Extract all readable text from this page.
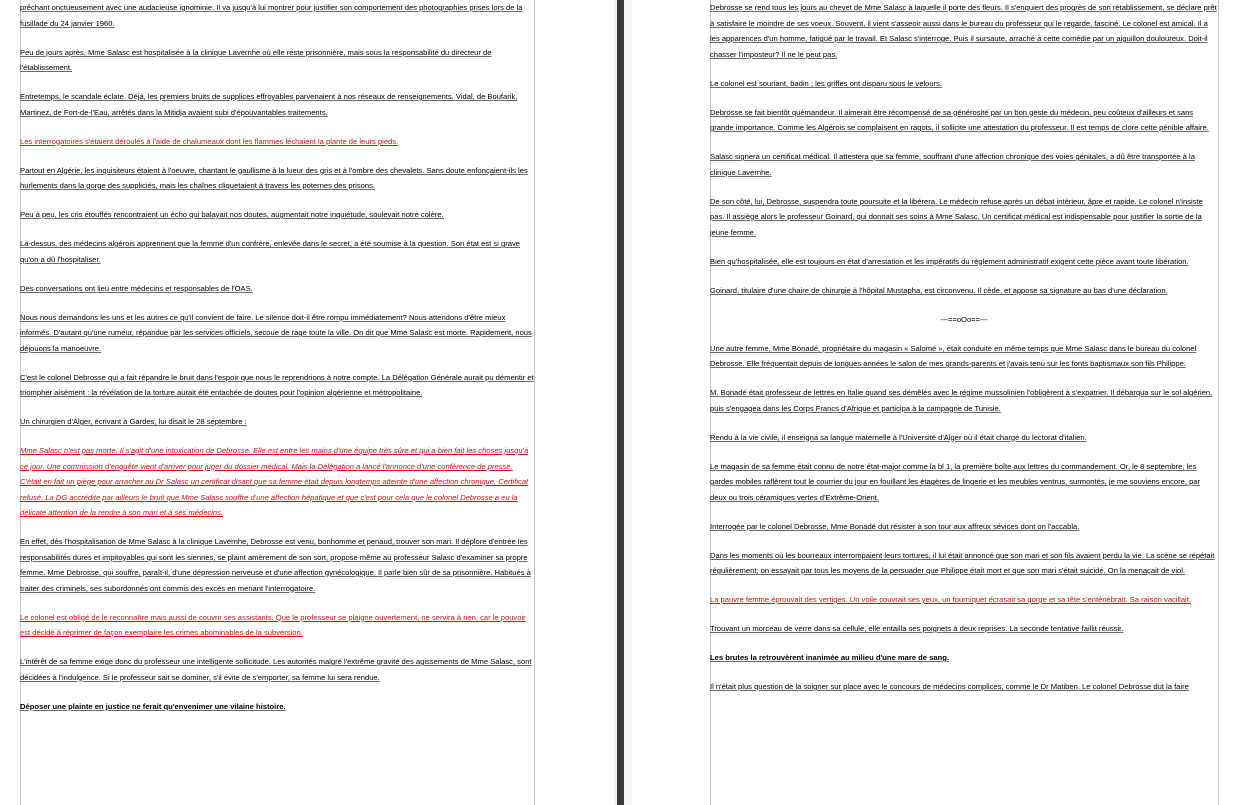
prêchant onctueusement avec une audacieuse ignominie. Il va jusqu'à lui montrer pour justifier son comportement des photographies prises lors de la fusillade du 24 janvier 1960.

Peu de jours après, Mme Salasc est hospitalisée à la clinique Lavernhe où elle reste prisonnière, mais sous la responsabilité du directeur de l'établissement.

Entretemps, le scandale éclate. Déjà, les premiers bruits de supplices effroyables parvenaient à nos réseaux de renseignements. Vidal, de Boufarik, Martinez, de Fort-de-l'Eau, arrêtés dans la Mitidja avaient subi d'épouvantables traitements.

Les interrogatoires s'étaient déroulés à l'aide de chalumeaux dont les flammes léchaient la plante de leurs pieds.

Partout en Algérie, les inquisiteurs étaient à l'oeuvre, chantant le gaullisme à la lueur des gris et à l'ombre des chevalets. Sans doute enfonçaient-ils les hurlements dans la gorge des suppliciés, mais les chaînes cliquetaient à travers les poternes des prisons.

Peu à peu, les cris étouffés rencontraient un écho qui balayait nos doutes, augmentait notre inquiétude, soulevait notre colère.

Là-dessus, des médecins algérois apprennent que la femme d'un confrère, enlevée dans le secret, a été soumise à la question. Son état est si grave qu'on a dû l'hospitaliser.

Des conversations ont lieu entre médecins et responsables de l'OAS.

Nous nous demandons les uns et les autres ce qu'il convient de faire. Le silence doit-il être rompu immédiatement? Nous attendons d'être mieux informés. D'autant qu'une rumeur, répandue par les services officiels, secoue de rage toute la ville. On dit que Mme Salasc est morte. Rapidement, nous déjouons la manoeuvre.

C'est le colonel Debrosse qui a fait répandre le bruit dans l'espoir que nous le reprendrions à notre compte. La Délégation Générale aurait pu démentir et triompher aisément : la révélation de la torture aurait été entachée de doutes pour l'opinion algérienne et métropolitaine.

Un chirurgien d'Alger, écrivant à Gardes, lui disait le 28 septembre :

Mme Salasc n'est pas morte. Il s'agit d'une intoxication de Debrosse. Elle est entre les mains d'une équipe très sûre et qui a bien fait les choses jusqu'à ce jour. Une commission d'enquête vient d'arriver pour juger du dossier médical. Mais la Délégation a lancé l'annonce d'une conférence de presse. C'était en fait un piège pour arracher au Dr Salasc un certificat disant que sa femme était depuis longtemps atteinte d'une affection chronique. Certificat refusé. La DG accrédite par ailleurs le bruit que Mme Salasc souffre d'une affection hépatique et que c'est pour cela que le colonel Debrosse a eu la délicate attention de la rendre à son mari et à ses médecins.

En effet, dès l'hospitalisation de Mme Salasc à la clinique Lavernhe, Debrosse est venu, bonhomme et penaud, trouver son mari. Il déplore d'entrée les responsabilités dures et impitoyables qui sont les siennes, se plaint amèrement de son sort, propose même au professeur Salasc d'examiner sa propre femme. Mme Debrosse, qui souffre, paraît-il, d'une dépression nerveuse et d'une affection gynécologique. Il parle bien sûr de sa prisonnière. Habitués à traiter des criminels, ses subordonnés ont commis des excès en menant l'interrogatoire.

Le colonel est obligé de le reconnaître mais aussi de couvrir ses assistants. Que le professeur se plaigne ouvertement, ne servira à rien, car le pouvoir est décidé à réprimer de façon exemplaire les crimes abominables de la subversion.

L'intérêt de sa femme exige donc du professeur une intelligente sollicitude. Les autorités malgré l'extrême gravité des agissements de Mme Salasc, sont décidées à l'indulgence. Si le professeur sait se dominer, s'il évite de s'emporter, sa femme lui sera rendue.

Déposer une plainte en justice ne ferait qu'envenimer une vilaine histoire.

Debrosse se rend tous les jours au chevet de Mme Salasc à laquelle il porte des fleurs. Il s'enquiert des progrès de son rétablissement, se déclare prêt à satisfaire le moindre de ses voeux. Souvent, il vient s'asseoir aussi dans le bureau du professeur qui le regarde, fasciné. Le colonel est amical. Il a les apparences d'un homme, fatigué par le travail. Et Salasc s'interroge. Puis il sursaute, arraché à cette comédie par un aiguillon douloureux. Doit-il chasser l'imposteur? Il ne le peut pas.

Le colonel est souriant, badin ; les griffes ont disparu sous le velours.

Debrosse se fait bientôt quémandeur. Il aimerait être récompensé de sa générosité par un bon geste du médecin, peu coûteux d'ailleurs et sans grande importance. Comme les Algérois se complaisent en ragots, il sollicite une attestation du professeur. Il est temps de clore cette pénible affaire.

Salasc signera un certificat médical. Il attestera que sa femme, souffrant d'une affection chronique des voies génitales, a dû être transportée à la clinique Lavernhe.

De son côté, lui, Debrosse, suspendra toute poursuite et la libérera. Le médecin refuse après un débat intérieur, âpre et rapide. Le colonel n'insiste pas. Il assiège alors le professeur Goinard, qui donnait ses soins à Mme Salasc. Un certificat médical est indispensable pour justifier la sortie de la jeune femme.

Bien qu'hospitalisée, elle est toujours en état d'arrestation et les impératifs du règlement administratif exigent cette pièce avant toute libération.

Goinard, titulaire d'une chaire de chirurgie à l'hôpital Mustapha, est circonvenu. Il cède, et appose sa signature au bas d'une déclaration.

---==oOo==---

Une autre femme, Mme Bonadé, propriétaire du magasin « Salomé », était conduite en même temps que Mme Salasc dans le bureau du colonel Debrosse. Elle fréquentait depuis de longues années le salon de mes grands-parents et j'avais tenu sur les fonts baptismaux son fils Philippe.

M. Bonadé était professeur de lettres en Italie quand ses démêlés avec le régime mussolinien l'obligèrent à s'expatrier. Il débarqua sur le sol algérien, puis s'engagea dans les Corps Francs d'Afrique et participa à la campagne de Tunisie.

Rendu à la vie civile, il enseigna sa langue maternelle à l'Université d'Alger où il était chargé du lectorat d'italien.

Le magasin de sa femme était connu de notre état-major comme la bl 1, la première boîte aux lettres du commandement. Or, le 8 septembre, les gardes mobiles raflèrent tout le courrier du jour en fouillant les étagères de lingerie et les meubles ventrus, surmontés, je me souviens encore, par deux ou trois céramiques vertes d'Extrême-Orient.

Interrogée par le colonel Debrosse, Mme Bonadé dut résister à son tour aux affreux sévices dont on l'accabla.

Dans les moments où les bourreaux interrompaient leurs tortures, il lui était annoncé que son mari et son fils avaient perdu la vie. La scène se répétait régulièrement; on essayait par tous les moyens de la persuader que Philippe était mort et que son mari s'était suicidé. On la menaçait de viol.

La pauvre femme éprouvait des vertiges. Un voile couvrait ses yeux, un fourniquet écrasait sa gorge et sa tête s'enténébrait. Sa raison vacillait.

Trouvant un morceau de verre dans sa cellule, elle entailla ses poignets à deux reprises. La seconde tentative faillit réussir.

Les brutes la retrouvèrent inanimée au milieu d'une mare de sang.

Il n'était plus question de la soigner sur place avec le concours de médecins complices, comme le Dr Matiben. Le colonel Debrosse dut la faire
